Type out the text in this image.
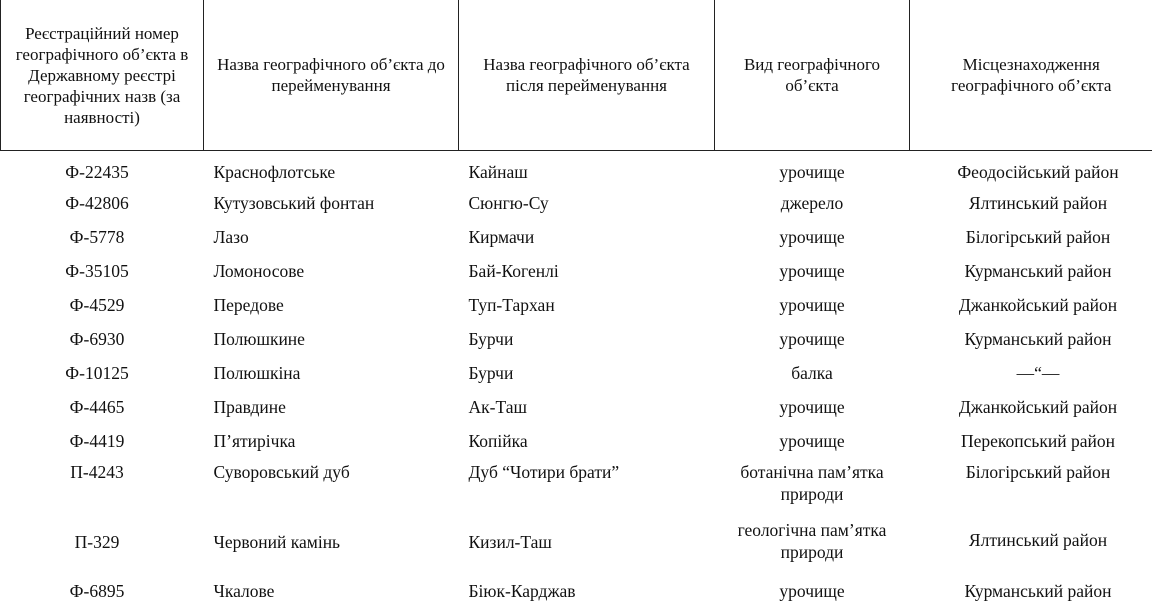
Реєстраційний номер географічного об’єкта в Державному реєстрі географічних назв (за наявності)	Назва географічного об’єкта до перейменування	Назва географічного об’єкта після перейменування	Вид географічного об’єкта	Місцезнаходження географічного об’єкта
Ф-22435	Краснофлотське	Кайнаш	урочище	Феодосійський район
Ф-42806	Кутузовський фонтан	Сюнгю-Су	джерело	Ялтинський район
Ф-5778	Лазо	Кирмачи	урочище	Білогірський район
Ф-35105	Ломоносове	Бай-Когенлі	урочище	Курманський район
Ф-4529	Передове	Туп-Тархан	урочище	Джанкойський район
Ф-6930	Полюшкине	Бурчи	урочище	Курманський район
Ф-10125	Полюшкіна	Бурчи	балка	—“—
Ф-4465	Правдине	Ак-Таш	урочище	Джанкойський район
Ф-4419	П’ятирічка	Копійка	урочище	Перекопський район
П-4243	Суворовський дуб	Дуб “Чотири брати”	ботанічна пам’ятка природи	Білогірський район
П-329	Червоний камінь	Кизил-Таш	геологічна пам’ятка природи	Ялтинський район
Ф-6895	Чкалове	Біюк-Карджав	урочище	Курманський район
